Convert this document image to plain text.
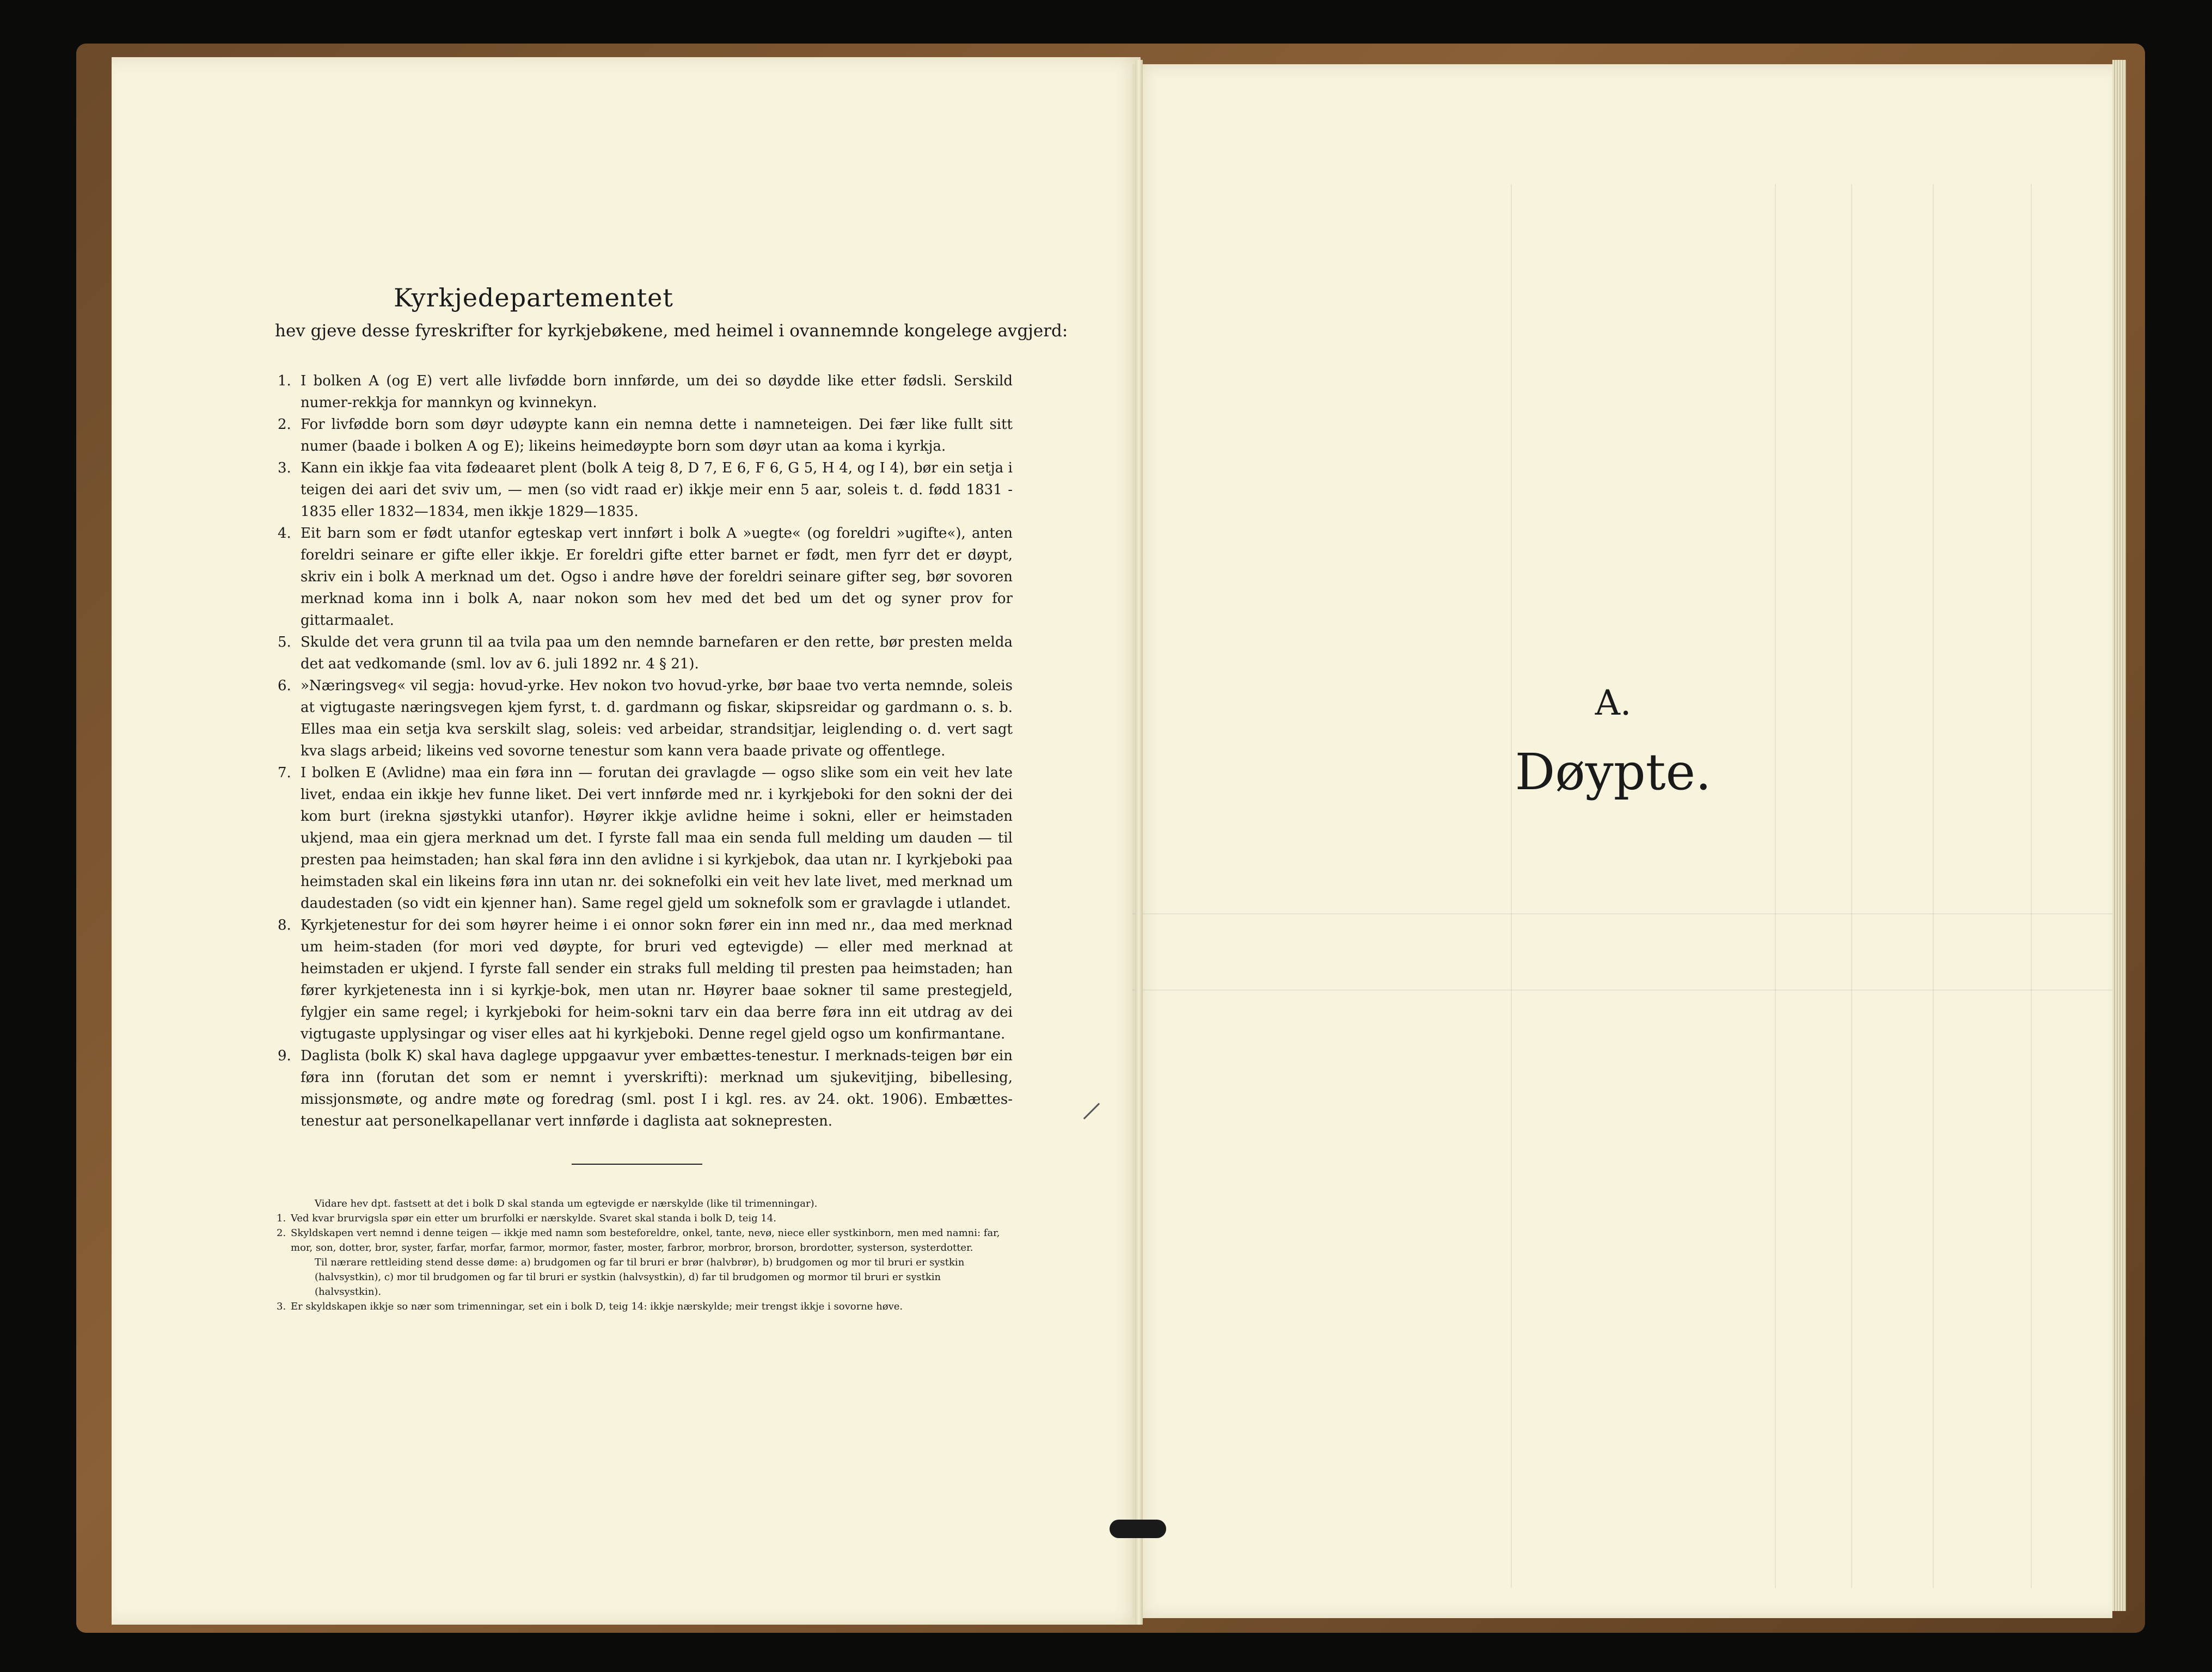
Kyrkjedepartementet
hev gjeve desse fyreskrifter for kyrkjebøkene, med heimel i ovannemnde kongelege avgjerd:
1. I bolken A (og E) vert alle livfødde born innførde, um dei so døydde like etter fødsli. Serskild numer-rekkja for mannkyn og kvinnekyn.
2. For livfødde born som døyr udøypte kann ein nemna dette i namneteigen. Dei fær like fullt sitt numer (baade i bolken A og E); likeins heimedøypte born som døyr utan aa koma i kyrkja.
3. Kann ein ikkje faa vita fødeaaret plent (bolk A teig 8, D 7, E 6, F 6, G 5, H 4, og I 4), bør ein setja i teigen dei aari det sviv um, — men (so vidt raad er) ikkje meir enn 5 aar, soleis t. d. fødd 1831 - 1835 eller 1832—1834, men ikkje 1829—1835.
4. Eit barn som er født utanfor egteskap vert innført i bolk A »uegte« (og foreldri »ugifte«), anten foreldri seinare er gifte eller ikkje. Er foreldri gifte etter barnet er født, men fyrr det er døypt, skriv ein i bolk A merknad um det. Ogso i andre høve der foreldri seinare gifter seg, bør sovoren merknad koma inn i bolk A, naar nokon som hev med det bed um det og syner prov for gittarmaalet.
5. Skulde det vera grunn til aa tvila paa um den nemnde barnefaren er den rette, bør presten melda det aat vedkomande (sml. lov av 6. juli 1892 nr. 4 § 21).
6. »Næringsveg« vil segja: hovud-yrke. Hev nokon tvo hovud-yrke, bør baae tvo verta nemnde, soleis at vigtugaste næringsvegen kjem fyrst, t. d. gardmann og fiskar, skipsreidar og gardmann o. s. b. Elles maa ein setja kva serskilt slag, soleis: ved arbeidar, strandsitjar, leiglending o. d. vert sagt kva slags arbeid; likeins ved sovorne tenestur som kann vera baade private og offentlege.
7. I bolken E (Avlidne) maa ein føra inn — forutan dei gravlagde — ogso slike som ein veit hev late livet, endaa ein ikkje hev funne liket. Dei vert innførde med nr. i kyrkjeboki for den sokni der dei kom burt (irekna sjøstykki utanfor). Høyrer ikkje avlidne heime i sokni, eller er heimstaden ukjend, maa ein gjera merknad um det. I fyrste fall maa ein senda full melding um dauden — til presten paa heimstaden; han skal føra inn den avlidne i si kyrkjebok, daa utan nr. I kyrkjeboki paa heimstaden skal ein likeins føra inn utan nr. dei soknefolki ein veit hev late livet, med merknad um daudestaden (so vidt ein kjenner han). Same regel gjeld um soknefolk som er gravlagde i utlandet.
8. Kyrkjetenestur for dei som høyrer heime i ei onnor sokn fører ein inn med nr., daa med merknad um heim-staden (for mori ved døypte, for bruri ved egtevigde) — eller med merknad at heimstaden er ukjend. I fyrste fall sender ein straks full melding til presten paa heimstaden; han fører kyrkjetenesta inn i si kyrkje-bok, men utan nr. Høyrer baae sokner til same prestegjeld, fylgjer ein same regel; i kyrkjeboki for heim-sokni tarv ein daa berre føra inn eit utdrag av dei vigtugaste upplysingar og viser elles aat hi kyrkjeboki. Denne regel gjeld ogso um konfirmantane.
9. Daglista (bolk K) skal hava daglege uppgaavur yver embættes-tenestur. I merknads-teigen bør ein føra inn (forutan det som er nemnt i yverskrifti): merknad um sjukevitjing, bibellesing, missjonsmøte, og andre møte og foredrag (sml. post I i kgl. res. av 24. okt. 1906). Embættes-tenestur aat personelkapellanar vert innførde i daglista aat soknepresten.
Vidare hev dpt. fastsett at det i bolk D skal standa um egtevigde er nærskylde (like til trimenningar).
1. Ved kvar brurvigsla spør ein etter um brurfolki er nærskylde. Svaret skal standa i bolk D, teig 14.
2. Skyldskapen vert nemnd i denne teigen — ikkje med namn som besteforeldre, onkel, tante, nevø, niece eller systkinborn, men med namni: far, mor, son, dotter, bror, syster, farfar, morfar, farmor, mormor, faster, moster, farbror, morbror, brorson, brordotter, systerson, systerdotter.
Til nærare rettleiding stend desse døme: a) brudgomen og far til bruri er brør (halvbrør), b) brudgomen og mor til bruri er systkin (halvsystkin), c) mor til brudgomen og far til bruri er systkin (halvsystkin), d) far til brudgomen og mormor til bruri er systkin (halvsystkin).
3. Er skyldskapen ikkje so nær som trimenningar, set ein i bolk D, teig 14: ikkje nærskylde; meir trengst ikkje i sovorne høve.
A.
Døypte.
